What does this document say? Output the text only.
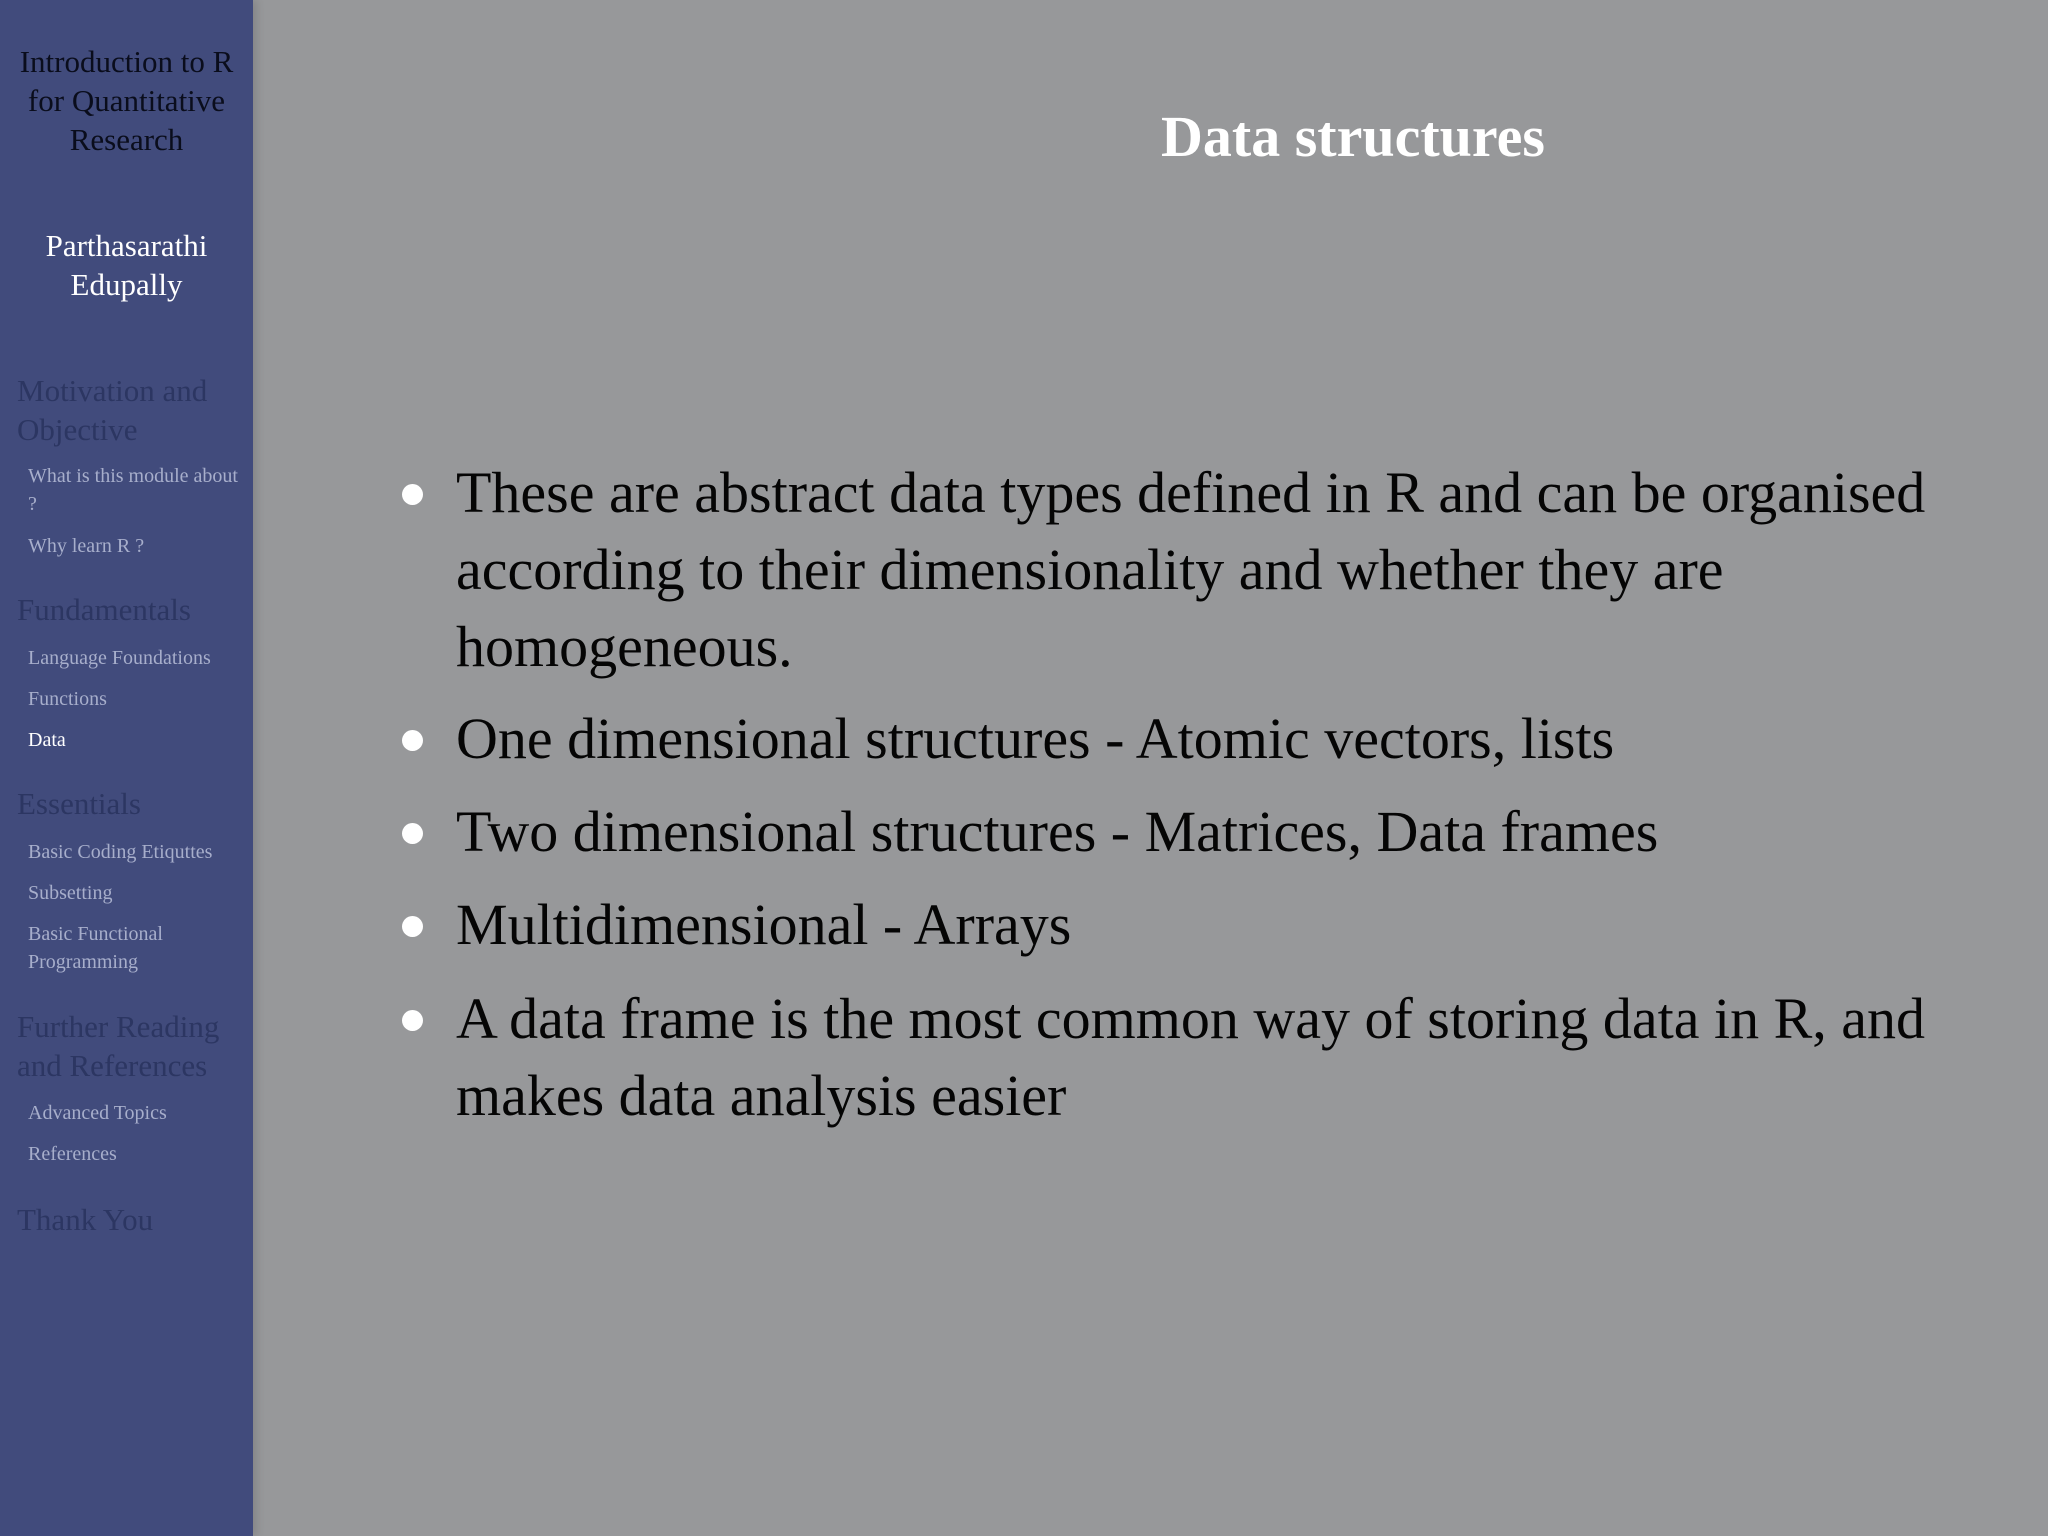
Introduction to R for Quantitative Research
Parthasarathi Edupally
Motivation and Objective
What is this module about ?
Why learn R ?
Fundamentals
Language Foundations
Functions
Data
Essentials
Basic Coding Etiquttes
Subsetting
Basic Functional Programming
Further Reading and References
Advanced Topics
References
Thank You
Data structures
These are abstract data types defined in R and can be organised according to their dimensionality and whether they are homogeneous.
One dimensional structures - Atomic vectors, lists
Two dimensional structures - Matrices, Data frames
Multidimensional - Arrays
A data frame is the most common way of storing data in R, and makes data analysis easier
